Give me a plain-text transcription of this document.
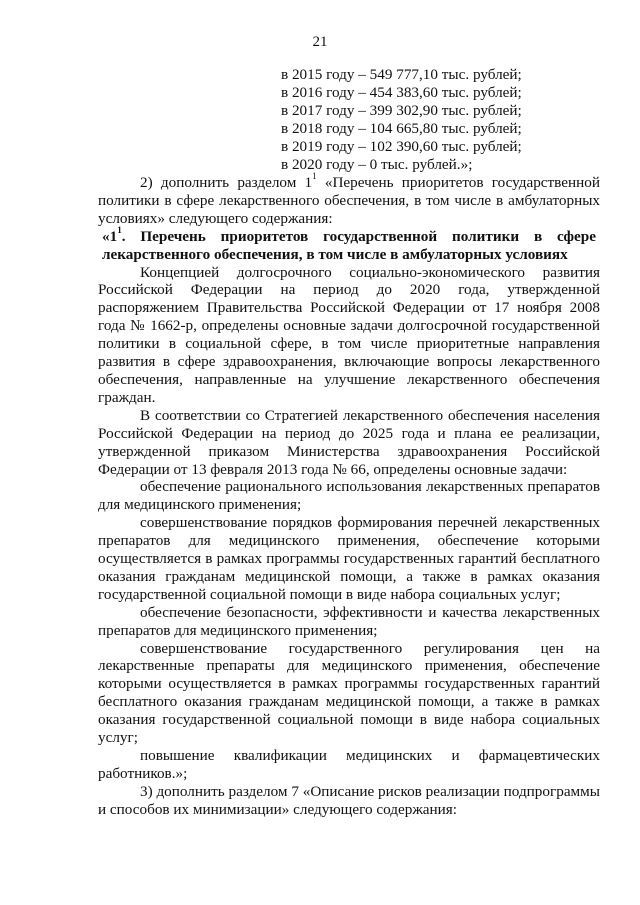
21
в 2015 году – 549 777,10 тыс. рублей;
в 2016 году – 454 383,60 тыс. рублей;
в 2017 году – 399 302,90 тыс. рублей;
в 2018 году – 104 665,80 тыс. рублей;
в 2019 году – 102 390,60 тыс. рублей;
в 2020 году – 0 тыс. рублей.»;

2) дополнить разделом $1^1$ «Перечень приоритетов государственной политики в сфере лекарственного обеспечения, в том числе в амбулаторных условиях» следующего содержания:

«$1^1$. Перечень приоритетов государственной политики в сфере лекарственного обеспечения, в том числе в амбулаторных условиях

Концепцией долгосрочного социально-экономического развития Российской Федерации на период до 2020 года, утвержденной распоряжением Правительства Российской Федерации от 17 ноября 2008 года № 1662-р, определены основные задачи долгосрочной государственной политики в социальной сфере, в том числе приоритетные направления развития в сфере здравоохранения, включающие вопросы лекарственного обеспечения, направленные на улучшение лекарственного обеспечения граждан.

В соответствии со Стратегией лекарственного обеспечения населения Российской Федерации на период до 2025 года и плана ее реализации, утвержденной приказом Министерства здравоохранения Российской Федерации от 13 февраля 2013 года № 66, определены основные задачи:

обеспечение рационального использования лекарственных препаратов для медицинского применения;

совершенствование порядков формирования перечней лекарственных препаратов для медицинского применения, обеспечение которыми осуществляется в рамках программы государственных гарантий бесплатного оказания гражданам медицинской помощи, а также в рамках оказания государственной социальной помощи в виде набора социальных услуг;

обеспечение безопасности, эффективности и качества лекарственных препаратов для медицинского применения;

совершенствование государственного регулирования цен на лекарственные препараты для медицинского применения, обеспечение которыми осуществляется в рамках программы государственных гарантий бесплатного оказания гражданам медицинской помощи, а также в рамках оказания государственной социальной помощи в виде набора социальных услуг;

повышение квалификации медицинских и фармацевтических работников.»;

3) дополнить разделом 7 «Описание рисков реализации подпрограммы и способов их минимизации» следующего содержания:
